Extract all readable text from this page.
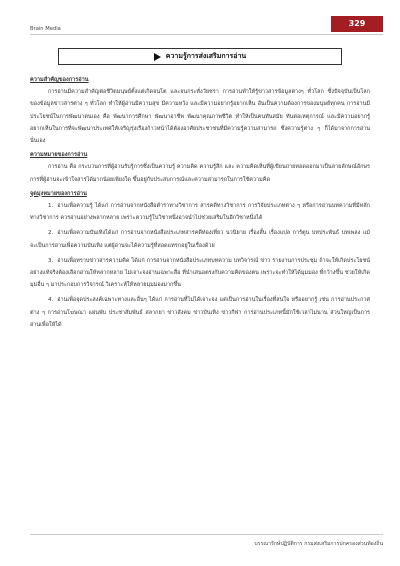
Brain Media
329
ความรู้การส่งเสริมการอ่าน
ความสำคัญของการอ่าน

การอ่านมีความสำคัญต่อชีวิตมนุษย์ตั้งแต่เกิดจนโต และจนกระทั่งวัยชรา การอ่านทำให้รู้ข่าวสารข้อมูลต่างๆ ทั่วโลก ซึ่งปัจจุบันเป็นโลกของข้อมูลข่าวสารต่าง ๆ ทั่วโลก ทำให้ผู้อ่านมีความสุข มีความหวัง และมีความอยากรู้อยากเห็น อันเป็นความต้องการของมนุษย์ทุกคน การอ่านมีประโยชน์ในการพัฒนาตนเอง คือ พัฒนาการศึกษา พัฒนาอาชีพ พัฒนาคุณภาพชีวิต ทำให้เป็นคนทันสมัย ทันต่อเหตุการณ์ และมีความอยากรู้อยากเห็นในการที่จะพัฒนาประเทศให้เจริญรุ่งเรืองก้าวหน้าได้ต้องอาศัยประชาชนที่มีความรู้ความสามารถ ซึ่งความรู้ต่าง ๆ ก็ได้มาจากการอ่านนั่นเอง

ความหมายของการอ่าน

การอ่าน คือ กระบวนการที่ผู้อ่านรับรู้การซึ่งเป็นความรู้ ความคิด ความรู้สึก และ ความคิดเห็นที่ผู้เขียนถ่ายทอดออกมาเป็นลายลักษณ์อักษร การที่ผู้อ่านจะเข้าใจสารได้มากน้อยเพียงใด ขึ้นอยู่กับประสบการณ์และความสามารถในการใช้ความคิด

จุดมุ่งหมายของการอ่าน

1. อ่านเพื่อความรู้ ได้แก่ การอ่านจากหนังสือตำราทางวิชาการ สารคดีทางวิชาการ การวิจัยประเภทต่าง ๆ หรือการอ่านบทความที่มีหลักทางวิชาการ ควรอ่านอย่างพลากหลาย เพราะความรู้ในวิชาหนึ่งอาจนำไปช่วยเสริมในอีกวิชาหนึ่งได้

2. อ่านเพื่อความบันเทิงได้แก่ การอ่านจากหนังสือประเภทสารคดีท่องเที่ยว นวนิยาย เรื่องสั้น เรื่องแปล การ์ตูน บทประพันธ์ บทเพลง แม้จะเป็นการอ่านเพื่อความบันเทิง แต่ผู้อ่านจะได้ความรู้ที่สอดแทรกอยู่ในเรื่องด้วย

3. อ่านเพื่อทราบข่าวสารความคิด ได้แก่ การอ่านจากหนังสือประเภทบทความ บทวิจารณ์ ข่าว รายงานการประชุม ถ้าจะให้เกิดประโยชน์อย่างแท้จริงต้องเลือกอ่านให้หลากหลาย ไม่เจาะจงอ่านเฉพาะสื่อ ที่นำเสนอตรงกับความคิดของตน เพราะจะทำให้ได้มุมมอง ที่กว้างขึ้น ช่วยให้เกิดมุมอื่น ๆ มาประกอบการวิจารณ์ วิเคราะห์ให้หลายมุมมองมากขึ้น

4. อ่านเพื่อจุดประสงค์เฉพาะทางและอื่นๆ ได้แก่ การอ่านที่ไม่ได้เจาะจง แต่เป็นการอ่านในเรื่องที่สนใจ หรืออยากรู้ เช่น การอ่านประกาศต่าง ๆ การอ่านโฆษณา แผ่นพับ ประชาสัมพันธ์ สลากยา ข่าวสังคม ข่าวบันเทิง ข่าวกีฬา การอ่านประเภทนี้มักใช้เวลาไม่นาน ส่วนใหญ่เป็นการอ่านเพื่อให้ได้

บรรณารักษ์ปฏิบัติการ กรมส่งเสริมการปกครองส่วนท้องถิ่น
